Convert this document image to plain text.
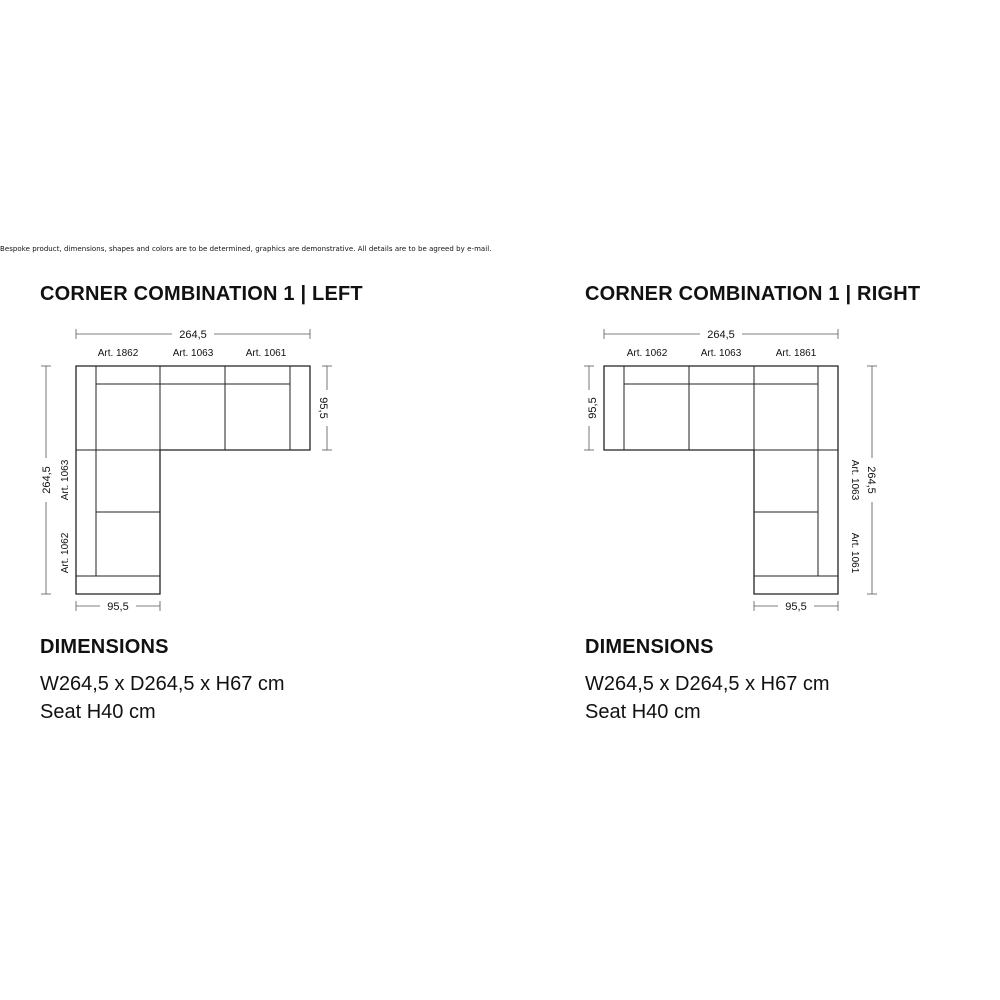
Bespoke product, dimensions, shapes and colors are to be determined, graphics are demonstrative. All details are to be agreed by e-mail.
CORNER COMBINATION 1 | LEFT
264,5
Art. 1862	Art. 1063	Art. 1061
264,5 Art. 1063
Art. 1062
95,5
95,5
DIMENSIONS
W264,5 x D264,5 x H67 cm
Seat H40 cm
CORNER COMBINATION 1 | RIGHT
264,5
Art. 1062	Art. 1063	Art. 1861
95,5
Art. 1063
Art. 1061
264,5
95,5
DIMENSIONS
W264,5 x D264,5 x H67 cm
Seat H40 cm
